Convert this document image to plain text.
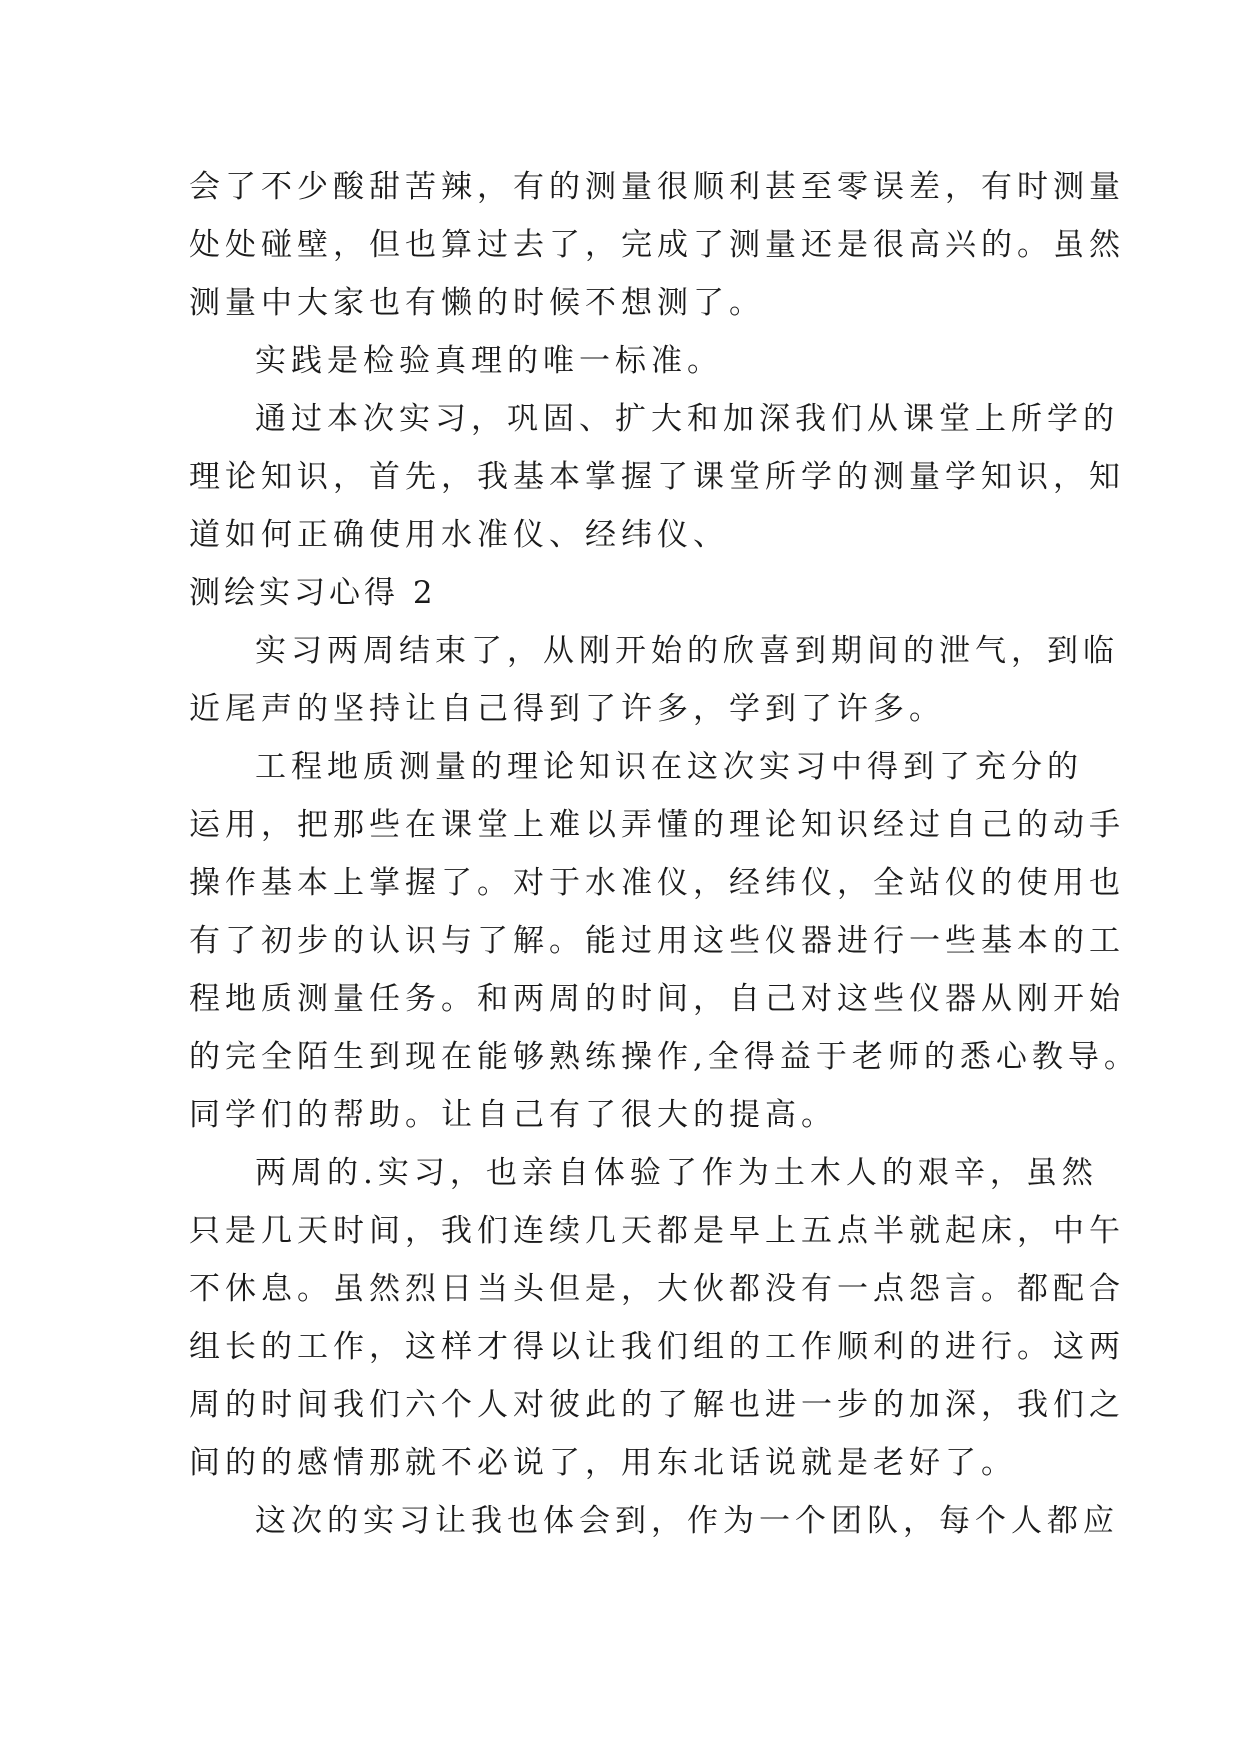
会了不少酸甜苦辣，有的测量很顺利甚至零误差，有时测量
处处碰壁，但也算过去了，完成了测量还是很高兴的。虽然
测量中大家也有懒的时候不想测了。
实践是检验真理的唯一标准。
通过本次实习，巩固、扩大和加深我们从课堂上所学的
理论知识，首先，我基本掌握了课堂所学的测量学知识，知
道如何正确使用水准仪、经纬仪、
测绘实习心得 2
实习两周结束了，从刚开始的欣喜到期间的泄气，到临
近尾声的坚持让自己得到了许多，学到了许多。
工程地质测量的理论知识在这次实习中得到了充分的
运用，把那些在课堂上难以弄懂的理论知识经过自己的动手
操作基本上掌握了。对于水准仪，经纬仪，全站仪的使用也
有了初步的认识与了解。能过用这些仪器进行一些基本的工
程地质测量任务。和两周的时间，自己对这些仪器从刚开始
的完全陌生到现在能够熟练操作,全得益于老师的悉心教导。
同学们的帮助。让自己有了很大的提高。
两周的.实习，也亲自体验了作为土木人的艰辛，虽然
只是几天时间，我们连续几天都是早上五点半就起床，中午
不休息。虽然烈日当头但是，大伙都没有一点怨言。都配合
组长的工作，这样才得以让我们组的工作顺利的进行。这两
周的时间我们六个人对彼此的了解也进一步的加深，我们之
间的的感情那就不必说了，用东北话说就是老好了。
这次的实习让我也体会到，作为一个团队，每个人都应
